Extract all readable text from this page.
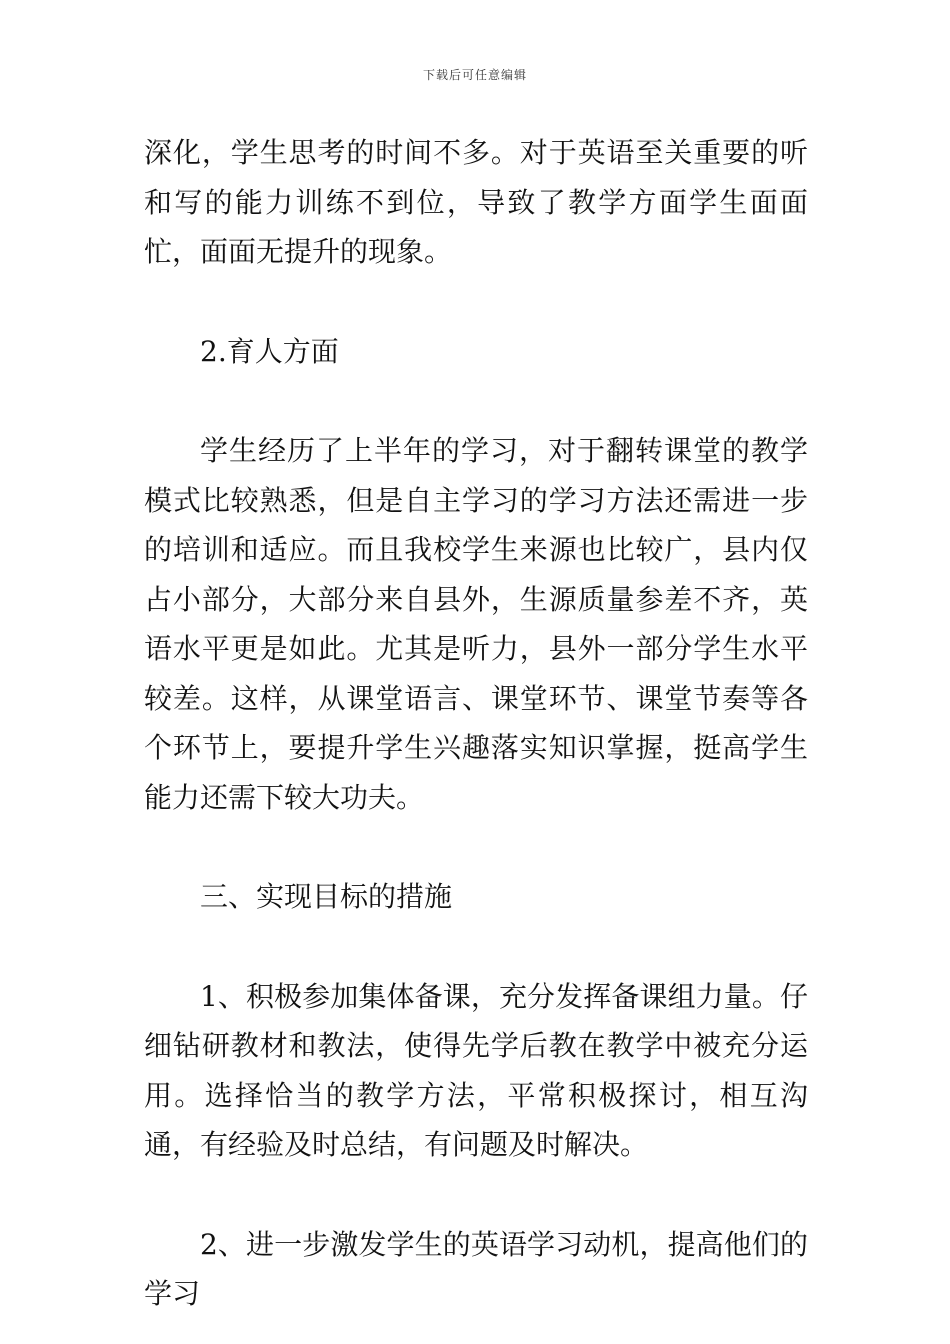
下载后可任意编辑

深化，学生思考的时间不多。对于英语至关重要的听和写的能力训练不到位，导致了教学方面学生面面忙，面面无提升的现象。

2.育人方面

学生经历了上半年的学习，对于翻转课堂的教学模式比较熟悉，但是自主学习的学习方法还需进一步的培训和适应。而且我校学生来源也比较广，县内仅占小部分，大部分来自县外，生源质量参差不齐，英语水平更是如此。尤其是听力，县外一部分学生水平较差。这样，从课堂语言、课堂环节、课堂节奏等各个环节上，要提升学生兴趣落实知识掌握，挺高学生能力还需下较大功夫。

三、实现目标的措施

1、积极参加集体备课，充分发挥备课组力量。仔细钻研教材和教法，使得先学后教在教学中被充分运用。选择恰当的教学方法，平常积极探讨，相互沟通，有经验及时总结，有问题及时解决。

2、进一步激发学生的英语学习动机，提高他们的学习
